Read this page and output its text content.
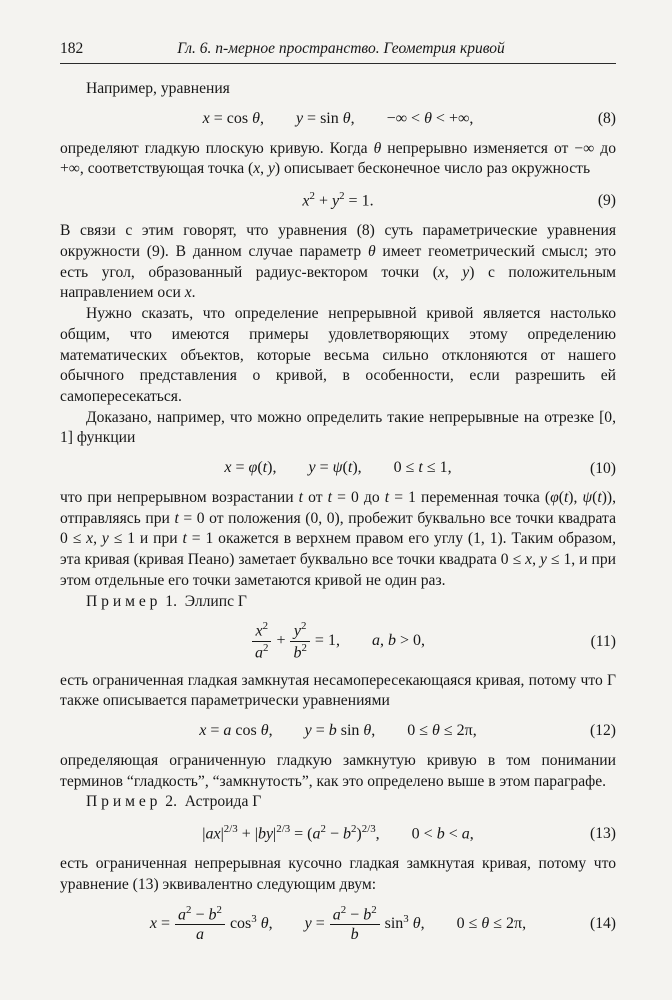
182	Гл. 6. n-мерное пространство. Геометрия кривой

Например, уравнения

x = cos θ,  y = sin θ,  −∞ < θ < +∞,	(8)

определяют гладкую плоскую кривую. Когда θ непрерывно изменяется от −∞ до +∞, соответствующая точка (x, y) описывает бесконечное число раз окружность

$x^2 + y^2 = 1$.	(9)

В связи с этим говорят, что уравнения (8) суть параметрические уравнения окружности (9). В данном случае параметр θ имеет геометрический смысл; это есть угол, образованный радиус-вектором точки (x, y) с положительным направлением оси x.

Нужно сказать, что определение непрерывной кривой является настолько общим, что имеются примеры удовлетворяющих этому определению математических объектов, которые весьма сильно отклоняются от нашего обычного представления о кривой, в особенности, если разрешить ей самопересекаться.

Доказано, например, что можно определить такие непрерывные на отрезке [0, 1] функции

x = φ(t),  y = ψ(t),  0 ≤ t ≤ 1,	(10)

что при непрерывном возрастании t от t = 0 до t = 1 переменная точка (φ(t), ψ(t)), отправляясь при t = 0 от положения (0, 0), пробежит буквально все точки квадрата 0 ≤ x, y ≤ 1 и при t = 1 окажется в верхнем правом его углу (1, 1). Таким образом, эта кривая (кривая Пеано) заметает буквально все точки квадрата 0 ≤ x, y ≤ 1, и при этом отдельные его точки заметаются кривой не один раз.

П р и м е р  1.  Эллипс Γ

$\frac{x^2}{a^2} + \frac{y^2}{b^2} = 1$,  a, b > 0,	(11)

есть ограниченная гладкая замкнутая несамопересекающаяся кривая, потому что Γ также описывается параметрически уравнениями

x = a cos θ,  y = b sin θ,  0 ≤ θ ≤ 2π,	(12)

определяющая ограниченную гладкую замкнутую кривую в том понимании терминов “гладкость”, “замкнутость”, как это определено выше в этом параграфе.

П р и м е р  2.  Астроида Γ

$|ax|^{2/3} + |by|^{2/3} = (a^2 - b^2)^{2/3}$,  0 < b < a,	(13)

есть ограниченная непрерывная кусочно гладкая замкнутая кривая, потому что уравнение (13) эквивалентно следующим двум:

$x = \frac{a^2 - b^2}{a} \cos^3 \theta$,  $y = \frac{a^2 - b^2}{b} \sin^3 \theta$,  0 ≤ θ ≤ 2π,	(14)
